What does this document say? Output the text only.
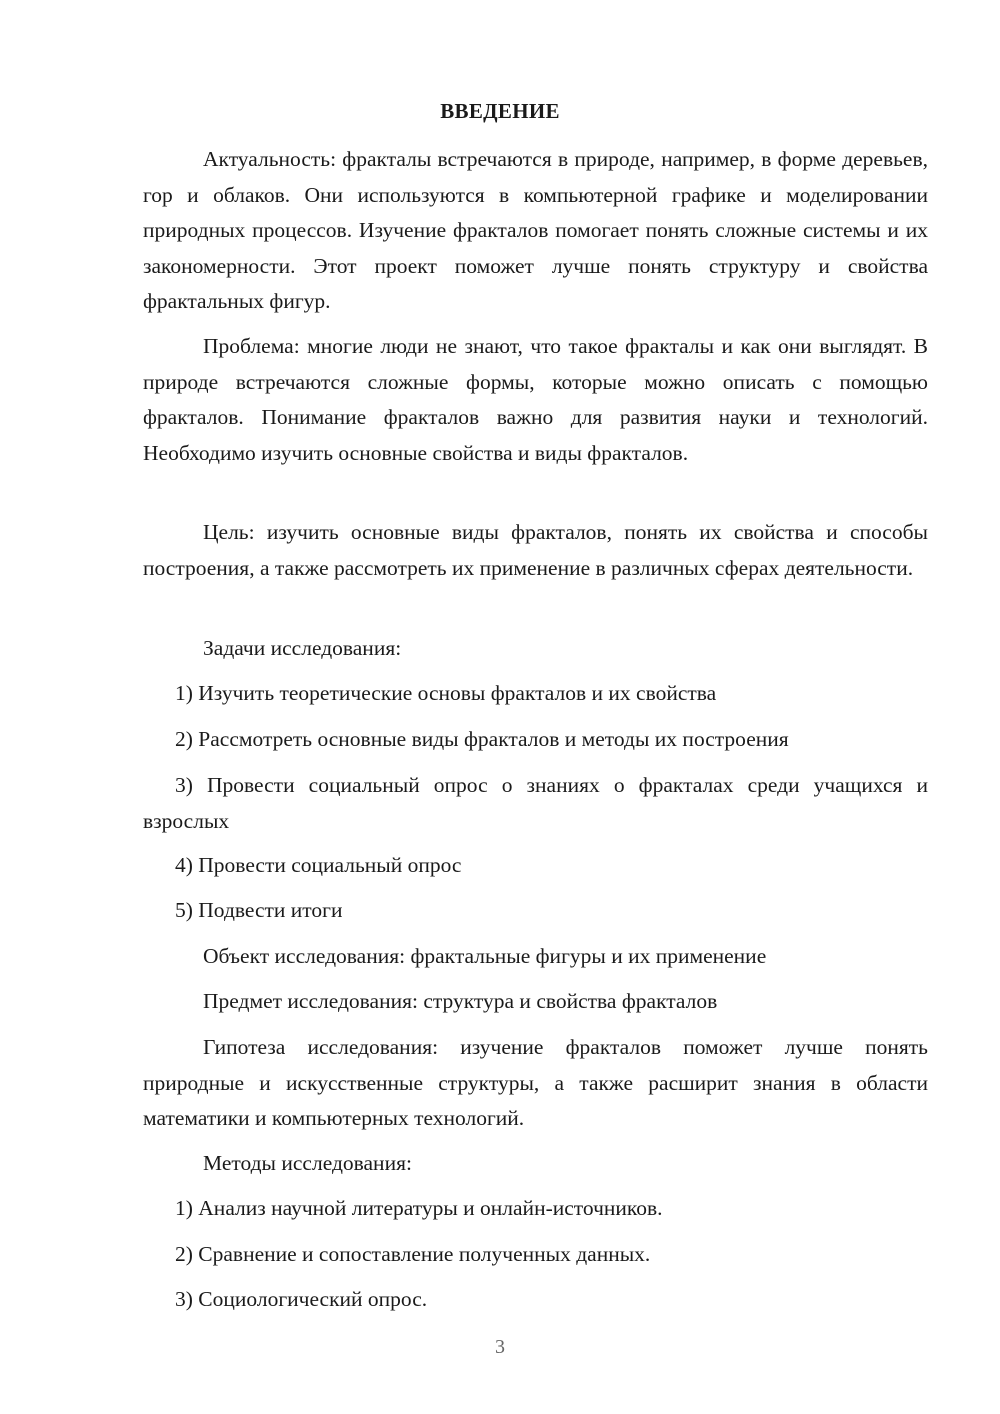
ВВЕДЕНИЕ

Актуальность: фракталы встречаются в природе, например, в форме деревьев, гор и облаков. Они используются в компьютерной графике и моделировании природных процессов. Изучение фракталов помогает понять сложные системы и их закономерности. Этот проект поможет лучше понять структуру и свойства фрактальных фигур.

Проблема: многие люди не знают, что такое фракталы и как они выглядят. В природе встречаются сложные формы, которые можно описать с помощью фракталов. Понимание фракталов важно для развития науки и технологий. Необходимо изучить основные свойства и виды фракталов.

Цель: изучить основные виды фракталов, понять их свойства и способы построения, а также рассмотреть их применение в различных сферах деятельности.

Задачи исследования:

1) Изучить теоретические основы фракталов и их свойства

2) Рассмотреть основные виды фракталов и методы их построения

3) Провести социальный опрос о знаниях о фракталах среди учащихся и взрослых

4) Провести социальный опрос

5) Подвести итоги

Объект исследования: фрактальные фигуры и их применение

Предмет исследования: структура и свойства фракталов

Гипотеза исследования: изучение фракталов поможет лучше понять природные и искусственные структуры, а также расширит знания в области математики и компьютерных технологий.

Методы исследования:

1) Анализ научной литературы и онлайн-источников.

2) Сравнение и сопоставление полученных данных.

3) Социологический опрос.

3
